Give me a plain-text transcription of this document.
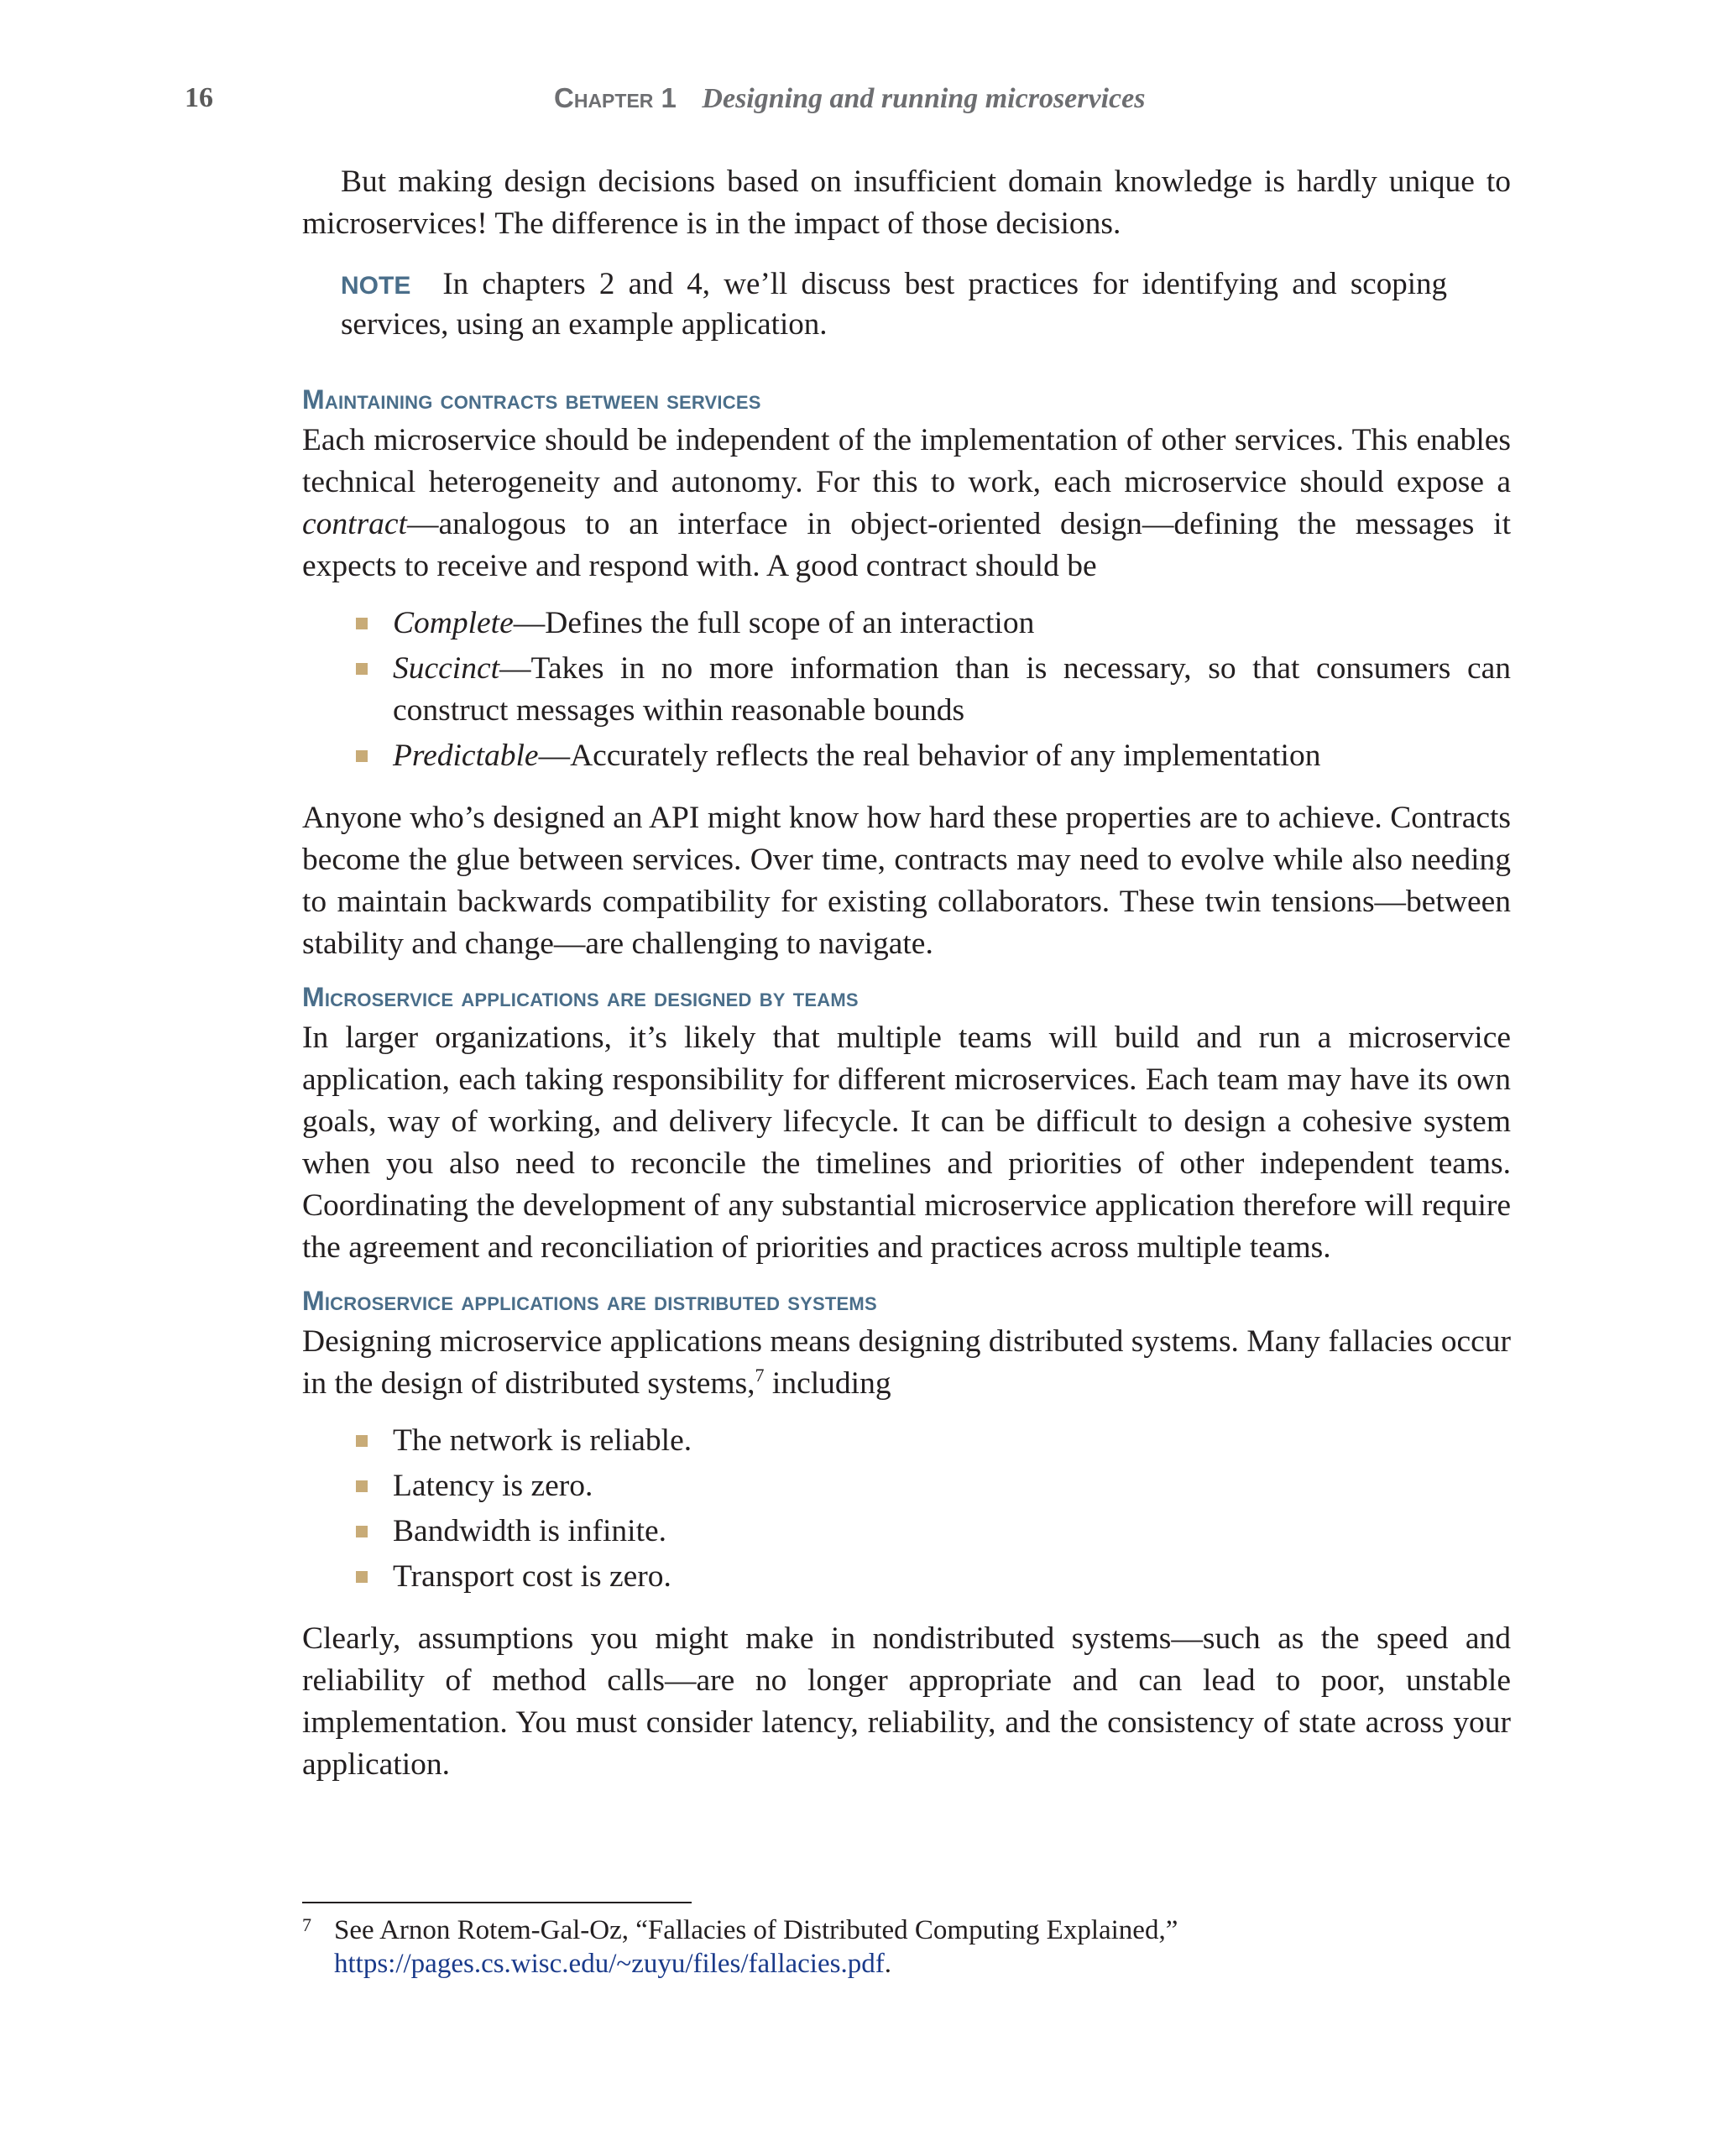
16	Chapter 1 Designing and running microservices

But making design decisions based on insufficient domain knowledge is hardly unique to microservices! The difference is in the impact of those decisions.

NOTE In chapters 2 and 4, we’ll discuss best practices for identifying and scoping services, using an example application.
Maintaining contracts between services

Each microservice should be independent of the implementation of other services. This enables technical heterogeneity and autonomy. For this to work, each microservice should expose a contract—analogous to an interface in object-oriented design—defining the messages it expects to receive and respond with. A good contract should be

Complete—Defines the full scope of an interaction
Succinct—Takes in no more information than is necessary, so that consumers can construct messages within reasonable bounds
Predictable—Accurately reflects the real behavior of any implementation

Anyone who’s designed an API might know how hard these properties are to achieve. Contracts become the glue between services. Over time, contracts may need to evolve while also needing to maintain backwards compatibility for existing collaborators. These twin tensions—between stability and change—are challenging to navigate.

Microservice applications are designed by teams

In larger organizations, it’s likely that multiple teams will build and run a microservice application, each taking responsibility for different microservices. Each team may have its own goals, way of working, and delivery lifecycle. It can be difficult to design a cohesive system when you also need to reconcile the timelines and priorities of other independent teams. Coordinating the development of any substantial microservice application therefore will require the agreement and reconciliation of priorities and practices across multiple teams.

Microservice applications are distributed systems

Designing microservice applications means designing distributed systems. Many fallacies occur in the design of distributed systems,$^7$ including

The network is reliable.
Latency is zero.
Bandwidth is infinite.
Transport cost is zero.

Clearly, assumptions you might make in nondistributed systems—such as the speed and reliability of method calls—are no longer appropriate and can lead to poor, unstable implementation. You must consider latency, reliability, and the consistency of state across your application.

7 See Arnon Rotem-Gal-Oz, “Fallacies of Distributed Computing Explained,” https://pages.cs.wisc.edu/~zuyu/files/fallacies.pdf.
